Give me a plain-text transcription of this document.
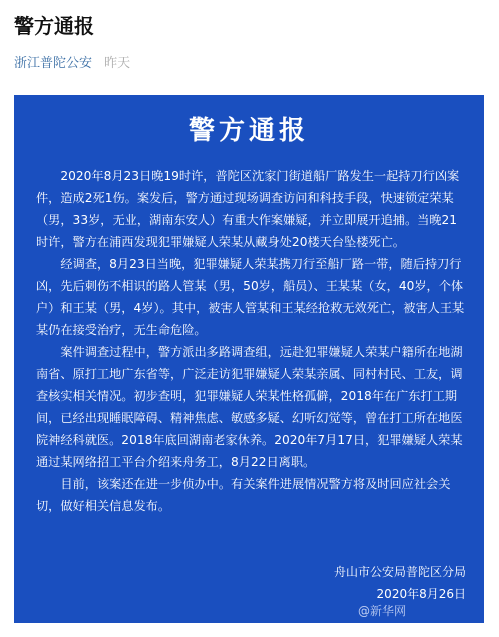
警方通报
浙江普陀公安 昨天
警方通报

2020年8月23日晚19时许，普陀区沈家门街道船厂路发生一起持刀行凶案件，造成2死1伤。案发后，警方通过现场调查访问和科技手段，快速锁定荣某（男，33岁，无业，湖南东安人）有重大作案嫌疑，并立即展开追捕。当晚21时许，警方在浦西发现犯罪嫌疑人荣某从藏身处20楼天台坠楼死亡。

经调查，8月23日当晚，犯罪嫌疑人荣某携刀行至船厂路一带，随后持刀行凶，先后刺伤不相识的路人管某（男，50岁，船员）、王某某（女，40岁，个体户）和王某（男，4岁）。其中，被害人管某和王某经抢救无效死亡，被害人王某某仍在接受治疗，无生命危险。

案件调查过程中，警方派出多路调查组，远赴犯罪嫌疑人荣某户籍所在地湖南省、原打工地广东省等，广泛走访犯罪嫌疑人荣某亲属、同村村民、工友，调查核实相关情况。初步查明，犯罪嫌疑人荣某性格孤僻，2018年在广东打工期间，已经出现睡眠障碍、精神焦虑、敏感多疑、幻听幻觉等，曾在打工所在地医院神经科就医。2018年底回湖南老家休养。2020年7月17日，犯罪嫌疑人荣某通过某网络招工平台介绍来舟务工，8月22日离职。

目前，该案还在进一步侦办中。有关案件进展情况警方将及时回应社会关切，做好相关信息发布。

舟山市公安局普陀区分局
2020年8月26日
@新华网
